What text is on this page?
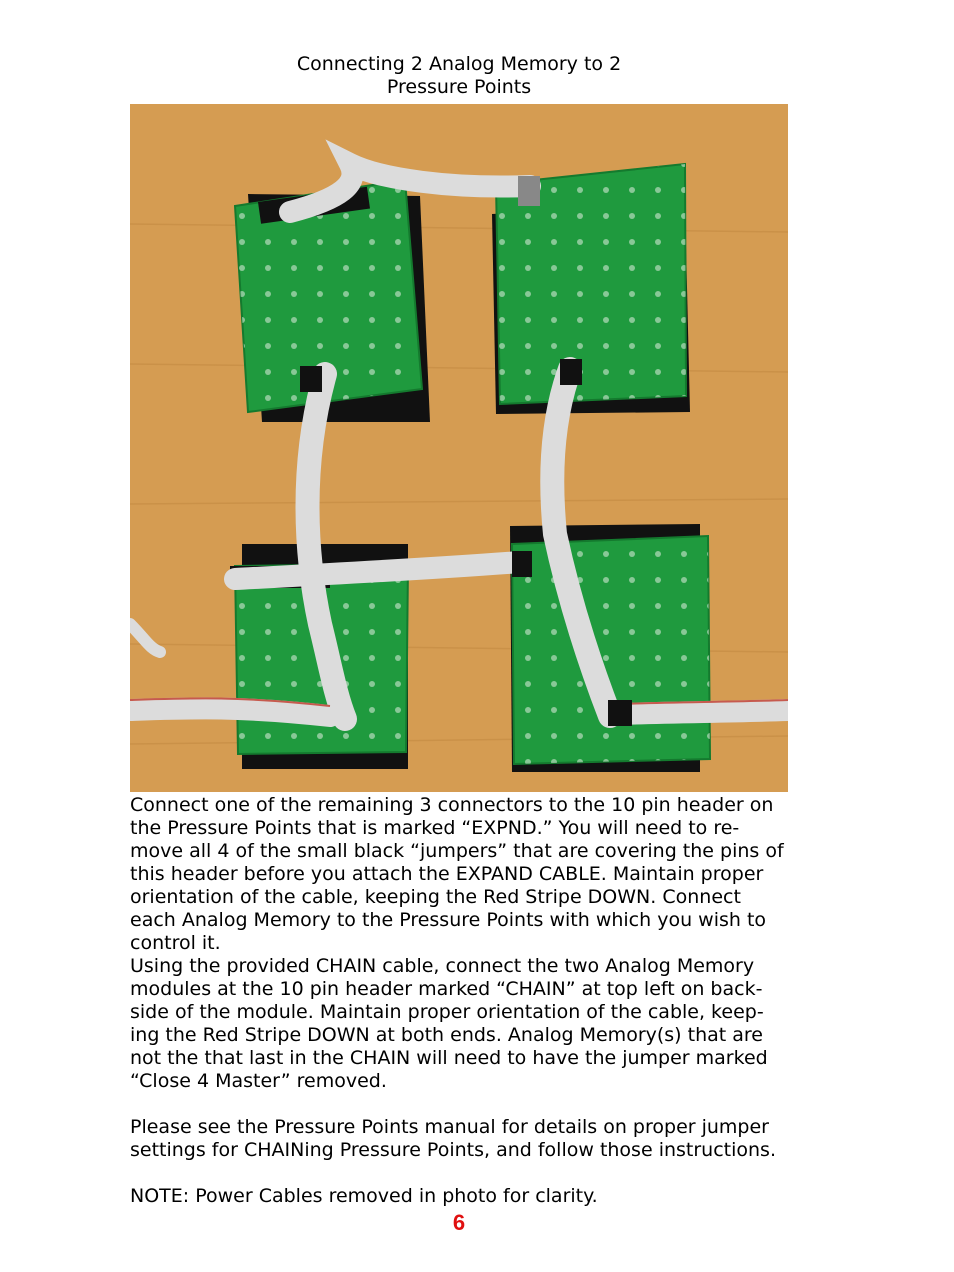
Connecting 2 Analog Memory to 2
Pressure Points

Connect one of the remaining 3 connectors to the 10 pin header on

the Pressure Points that is marked “EXPND.” You will need to re-

move all 4 of the small black “jumpers” that are covering the pins of

this header before you attach the EXPAND CABLE. Maintain proper

orientation of the cable, keeping the Red Stripe DOWN. Connect

each Analog Memory to the Pressure Points with which you wish to

control it.

Using the provided CHAIN cable, connect the two Analog Memory

modules at the 10 pin header marked “CHAIN” at top left on back-

side of the module. Maintain proper orientation of the cable, keep-

ing the Red Stripe DOWN at both ends. Analog Memory(s) that are

not the that last in the CHAIN will need to have the jumper marked

“Close 4 Master” removed.

Please see the Pressure Points manual for details on proper jumper

settings for CHAINing Pressure Points, and follow those instructions.

NOTE: Power Cables removed in photo for clarity.

6
